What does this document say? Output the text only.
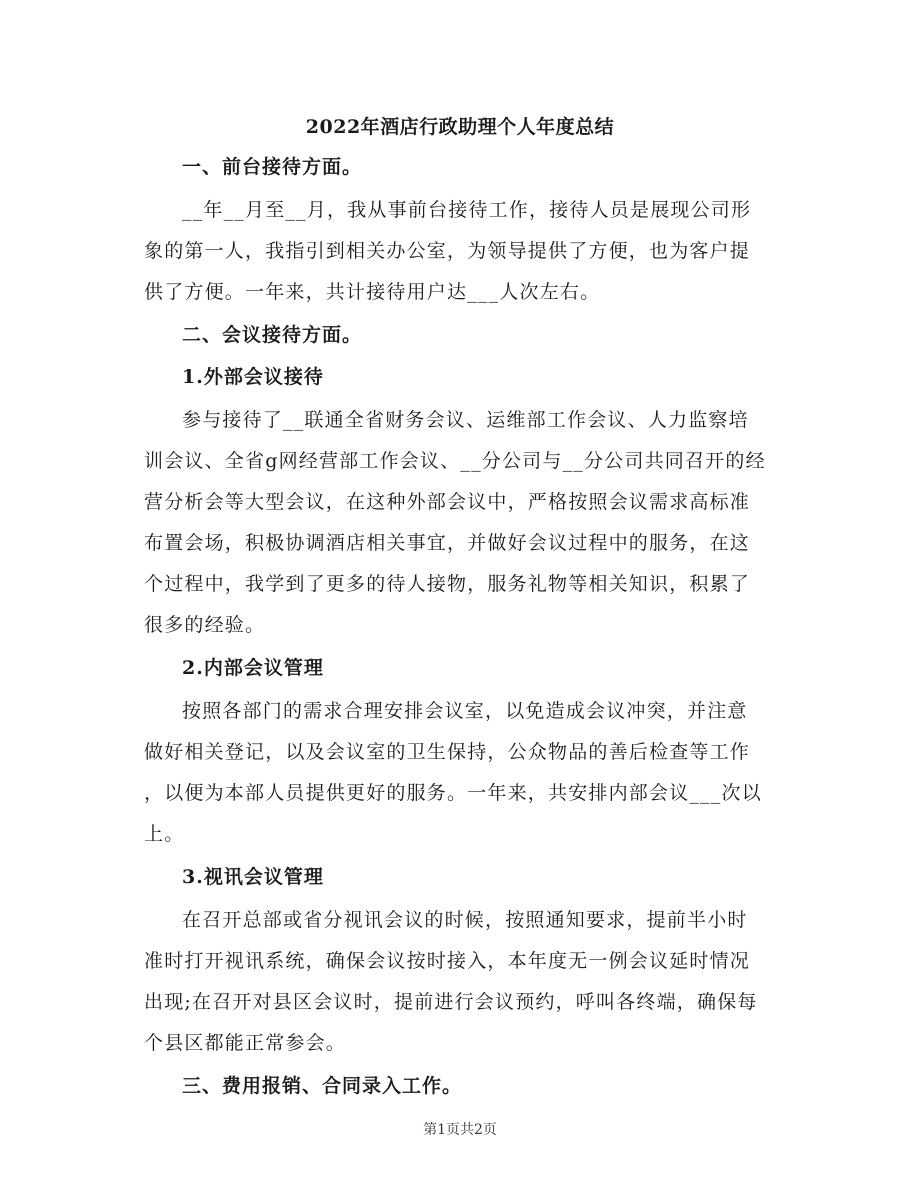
2022年酒店行政助理个人年度总结
一、前台接待方面。
__年__月至__月，我从事前台接待工作，接待人员是展现公司形
象的第一人，我指引到相关办公室，为领导提供了方便，也为客户提
供了方便。一年来，共计接待用户达___人次左右。
二、会议接待方面。
1.外部会议接待
参与接待了__联通全省财务会议、运维部工作会议、人力监察培
训会议、全省g网经营部工作会议、__分公司与__分公司共同召开的经
营分析会等大型会议，在这种外部会议中，严格按照会议需求高标准
布置会场，积极协调酒店相关事宜，并做好会议过程中的服务，在这
个过程中，我学到了更多的待人接物，服务礼物等相关知识，积累了
很多的经验。
2.内部会议管理
按照各部门的需求合理安排会议室，以免造成会议冲突，并注意
做好相关登记，以及会议室的卫生保持，公众物品的善后检查等工作
，以便为本部人员提供更好的服务。一年来，共安排内部会议___次以
上。
3.视讯会议管理
在召开总部或省分视讯会议的时候，按照通知要求，提前半小时
准时打开视讯系统，确保会议按时接入，本年度无一例会议延时情况
出现;在召开对县区会议时，提前进行会议预约，呼叫各终端，确保每
个县区都能正常参会。
三、费用报销、合同录入工作。
第1页共2页
